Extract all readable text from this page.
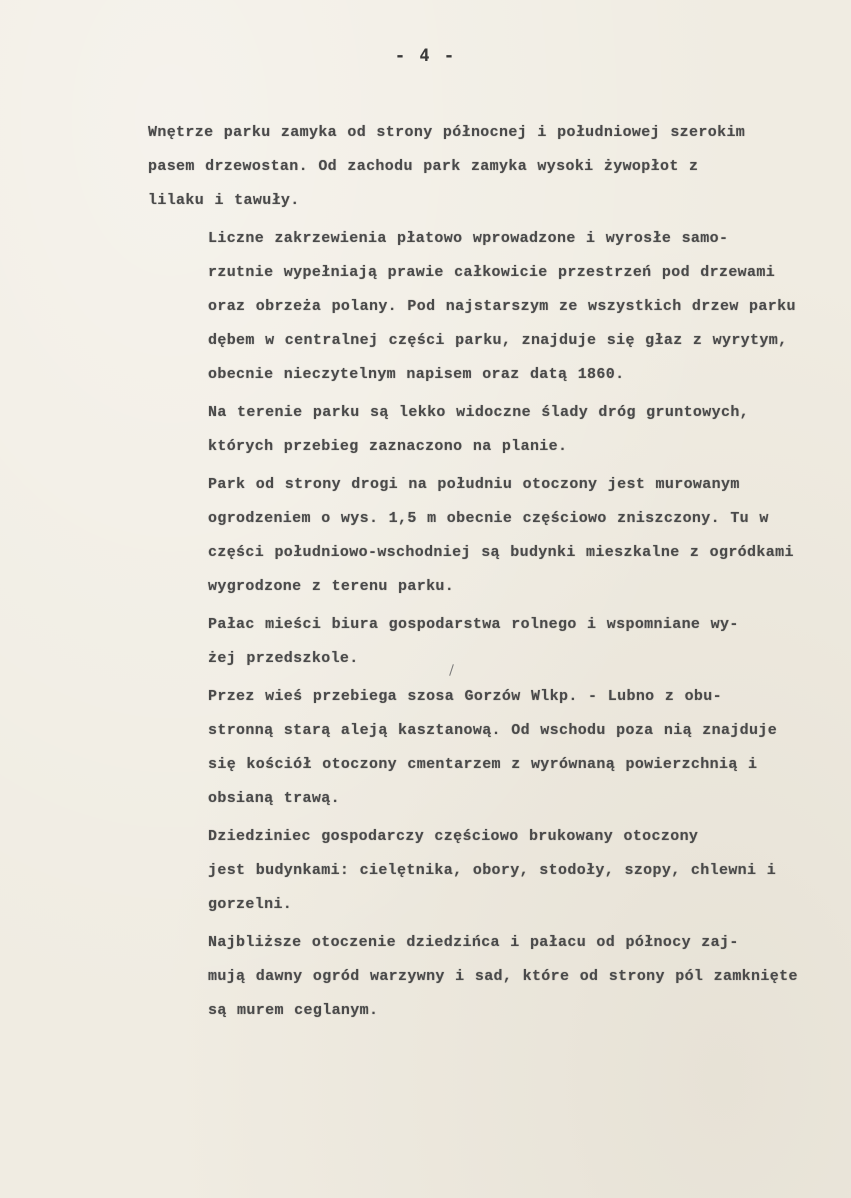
- 4 -

Wnętrze parku zamyka od strony północnej i południowej szerokim
pasem drzewostan. Od zachodu park zamyka wysoki żywopłot z
lilaku i tawuły.

Liczne zakrzewienia płatowo wprowadzone i wyrosłe samo-
rzutnie wypełniają prawie całkowicie przestrzeń pod drzewami
oraz obrzeża polany. Pod najstarszym ze wszystkich drzew parku
dębem w centralnej części parku, znajduje się głaz z wyrytym,
obecnie nieczytelnym napisem oraz datą 1860.

Na terenie parku są lekko widoczne ślady dróg gruntowych,
których przebieg zaznaczono na planie.

Park od strony drogi na południu otoczony jest murowanym
ogrodzeniem o wys. 1,5 m obecnie częściowo zniszczony. Tu w
części południowo-wschodniej są budynki mieszkalne z ogródkami
wygrodzone z terenu parku.

Pałac mieści biura gospodarstwa rolnego i wspomniane wy-
żej przedszkole.

Przez wieś przebiega szosa Gorzów Wlkp. - Lubno z obu-
stronną starą aleją kasztanową. Od wschodu poza nią znajduje
się kościół otoczony cmentarzem z wyrównaną powierzchnią i
obsianą trawą.

Dziedziniec gospodarczy częściowo brukowany otoczony
jest budynkami: cielętnika, obory, stodoły, szopy, chlewni i
gorzelni.

Najbliższe otoczenie dziedzińca i pałacu od północy zaj-
mują dawny ogród warzywny i sad, które od strony pól zamknięte
są murem ceglanym.
